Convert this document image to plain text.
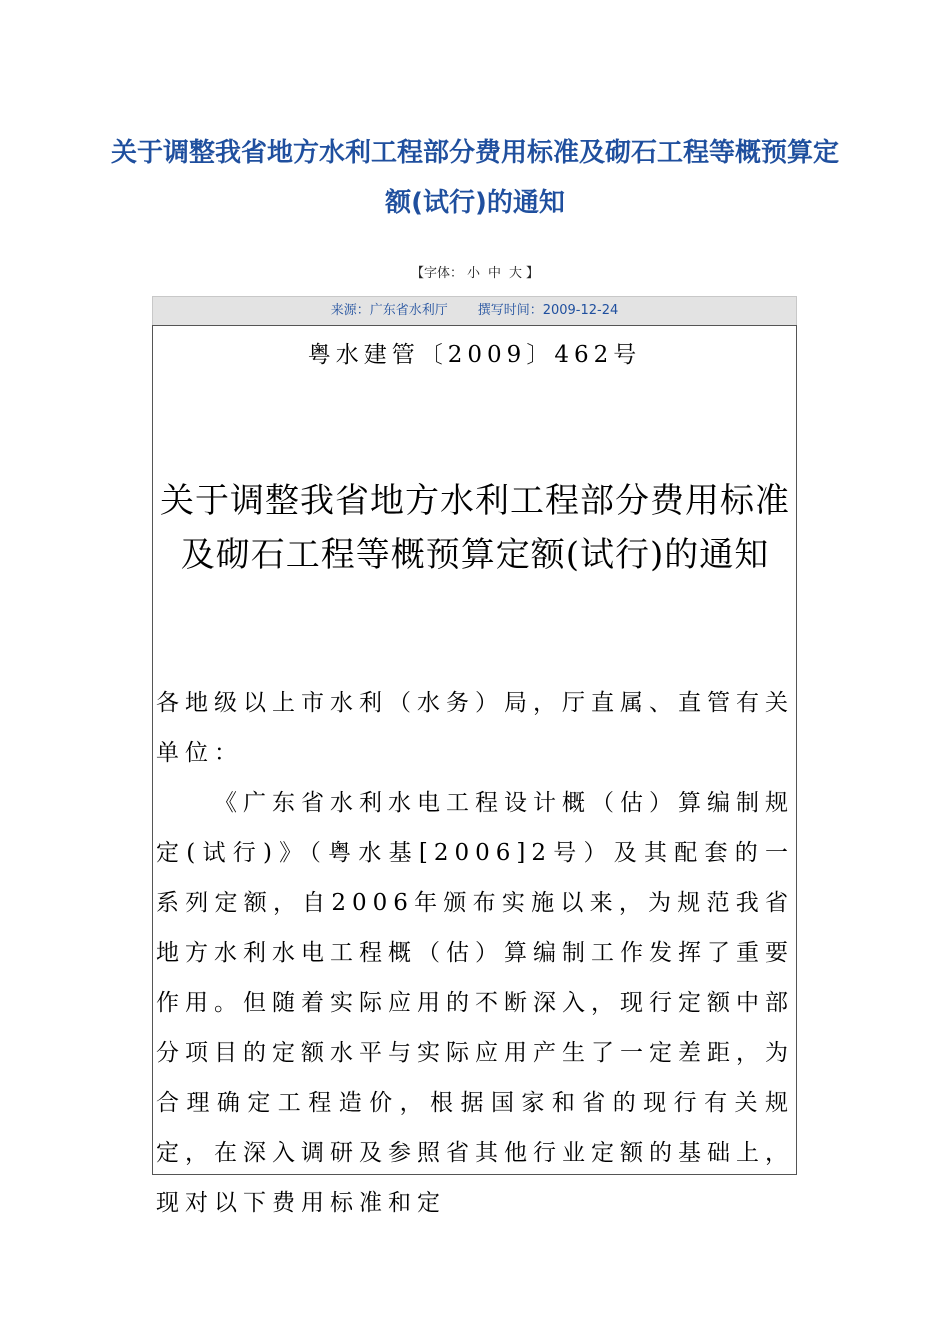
关于调整我省地方水利工程部分费用标准及砌石工程等概预算定额(试行)的通知
【字体： 小 中 大 】
来源：广东省水利厅 撰写时间：2009-12-24
粤水建管〔2009〕462号
关于调整我省地方水利工程部分费用标准及砌石工程等概预算定额(试行)的通知
各地级以上市水利（水务）局，厅直属、直管有关单位：
《广东省水利水电工程设计概（估）算编制规定(试行)》（粤水基[2006]2号）及其配套的一系列定额，自2006年颁布实施以来，为规范我省地方水利水电工程概（估）算编制工作发挥了重要作用。但随着实际应用的不断深入，现行定额中部分项目的定额水平与实际应用产生了一定差距，为合理确定工程造价，根据国家和省的现行有关规定，在深入调研及参照省其他行业定额的基础上，现对以下费用标准和定
